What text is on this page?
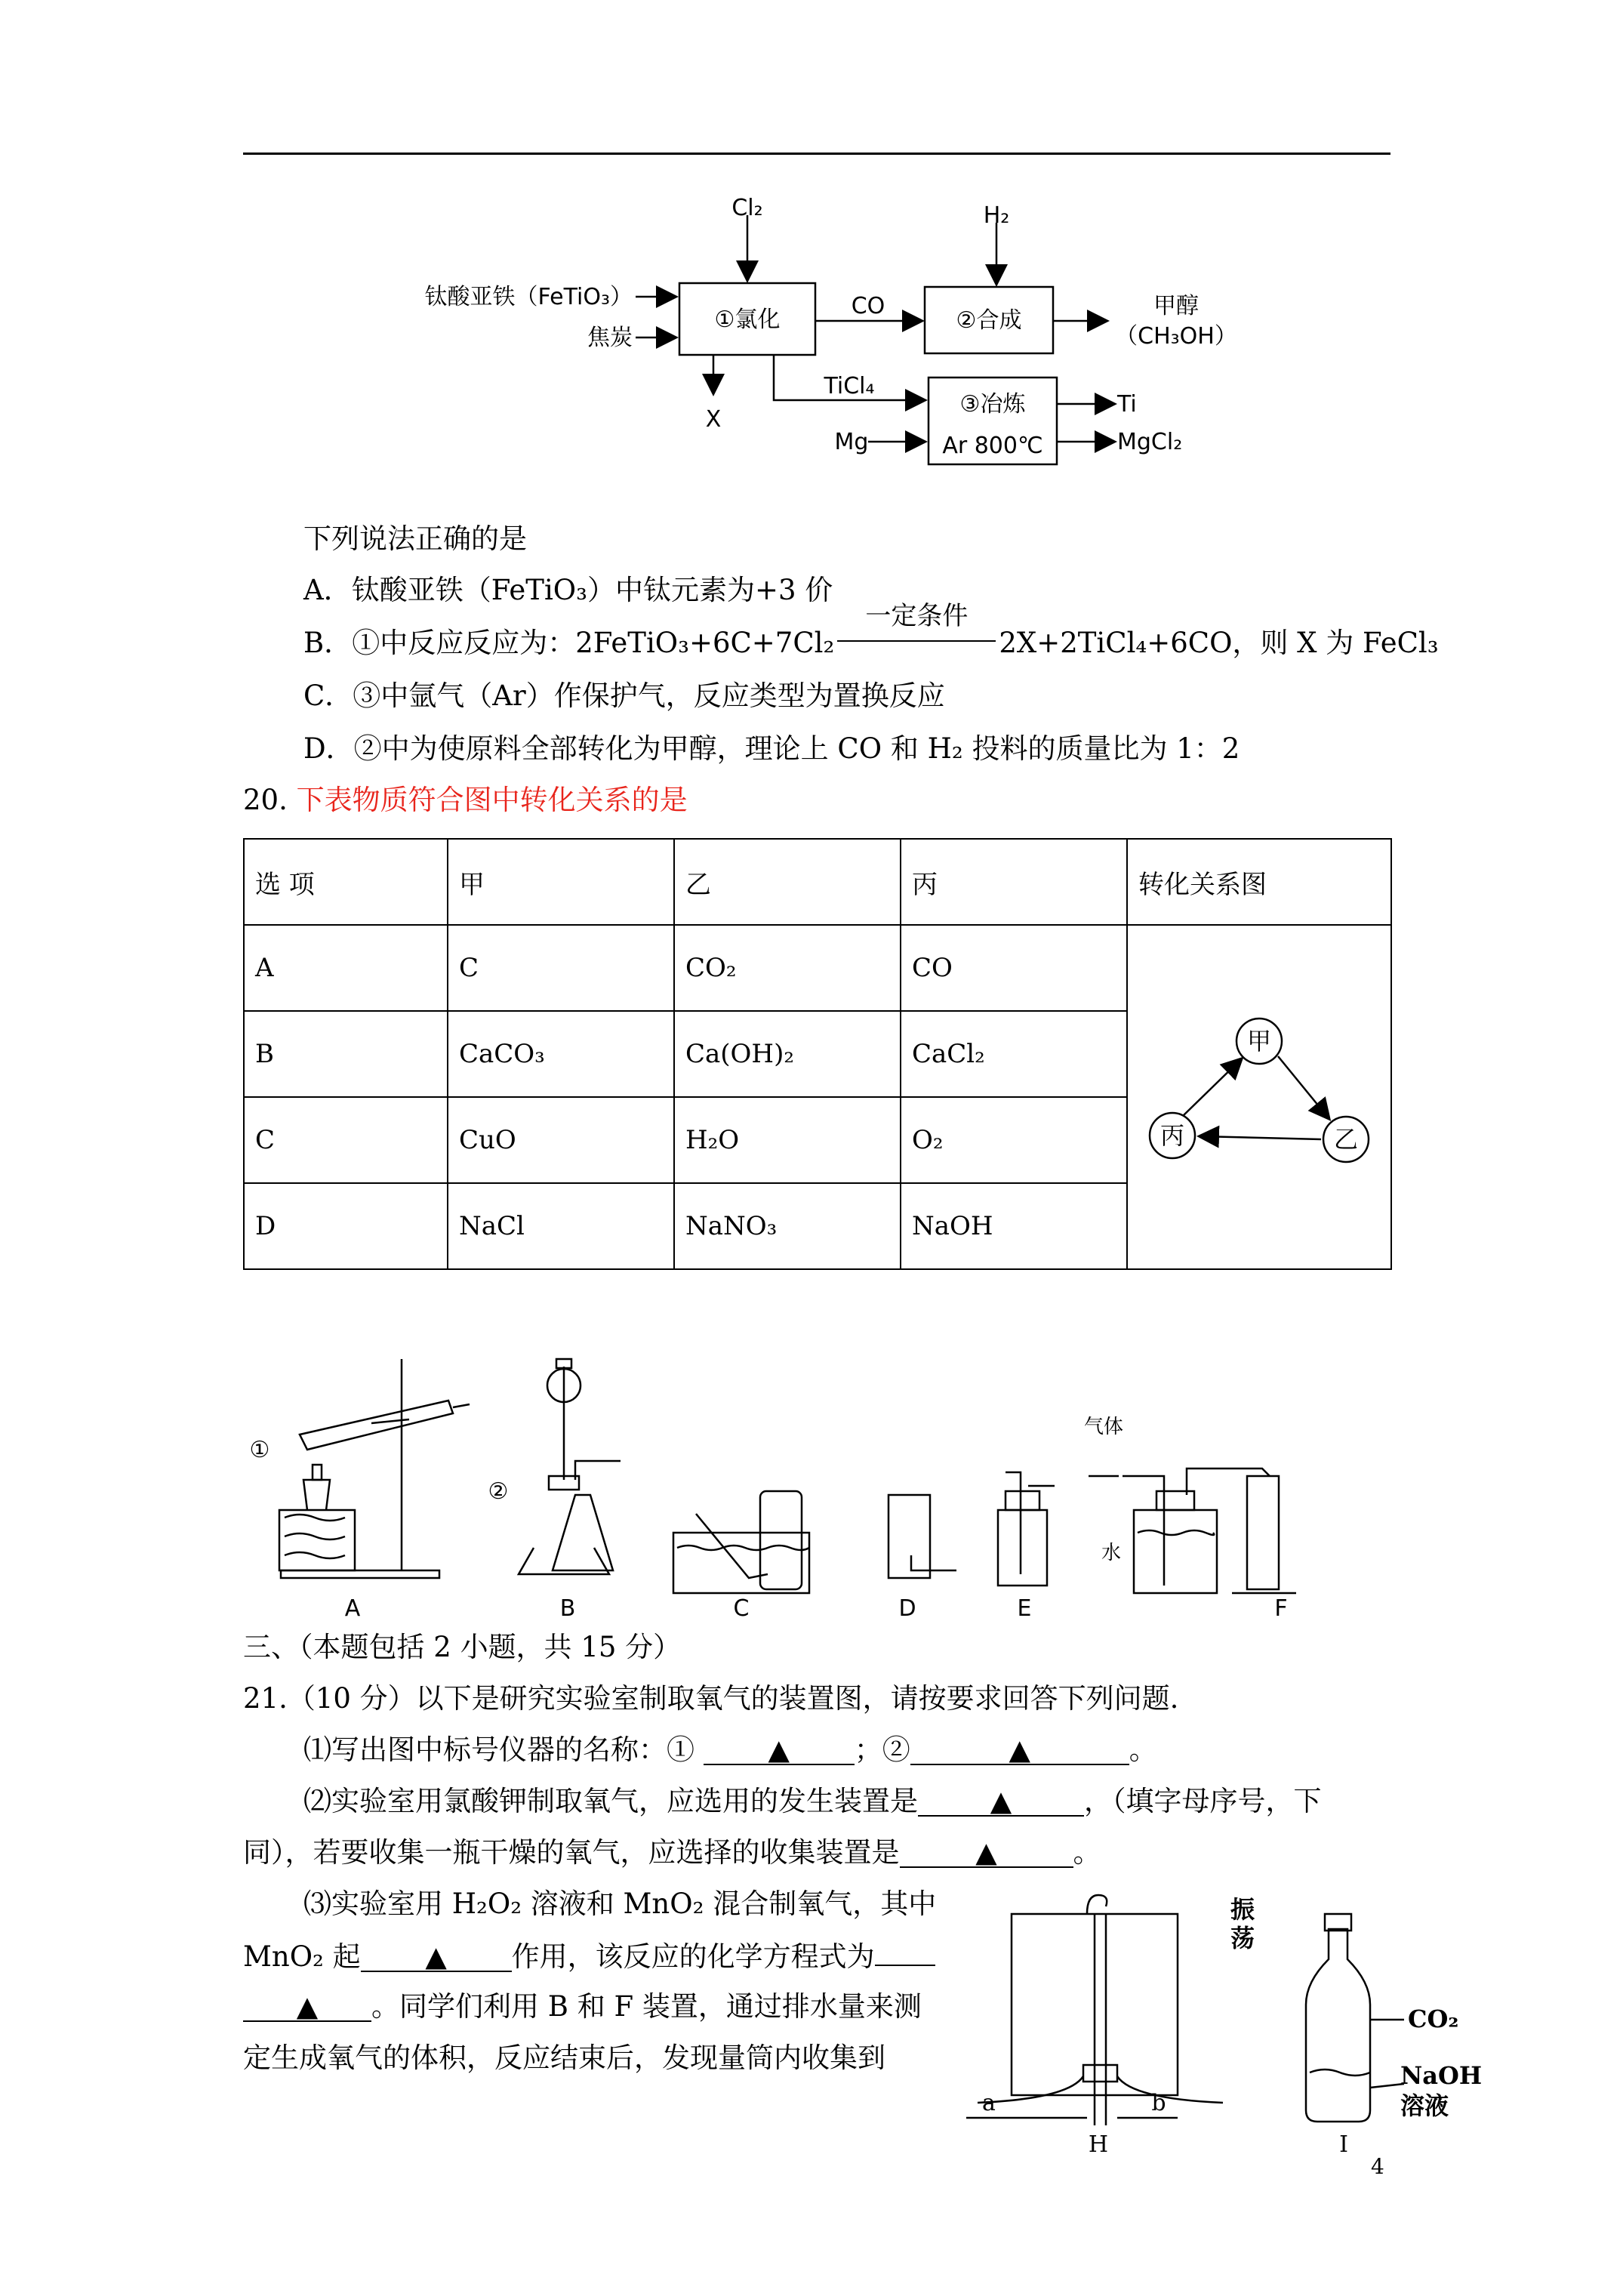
Cl₂	H₂
钛酸亚铁（FeTiO₃）
焦炭
①氯化
CO
②合成
甲醇
（CH₃OH）
X
TiCl₄
Mg
③冶炼
Ar 800℃
Ti
MgCl₂
下列说法正确的是
A．钛酸亚铁（FeTiO₃）中钛元素为+3 价
B．①中反应反应为：2FeTiO₃+6C+7Cl₂
一定条件
2X+2TiCl₄+6CO，则 X 为 FeCl₃
C．③中氩气（Ar）作保护气，反应类型为置换反应
D．②中为使原料全部转化为甲醇，理论上 CO 和 H₂ 投料的质量比为 1：2
20. 下表物质符合图中转化关系的是
选 项	甲	乙	丙	转化关系图
A	C	CO₂	CO	甲
丙 乙

B	CaCO₃	Ca(OH)₂	CaCl₂	
C	CuO	H₂O	O₂	
D	NaCl	NaNO₃	NaOH	
A	B	C	D	E	F
①
②
气体
水
三、（本题包括 2 小题，共 15 分）
21.（10 分）以下是研究实验室制取氧气的装置图，请按要求回答下列问题.
⑴写出图中标号仪器的名称：①	▲ ；②	▲	。
⑵实验室用氯酸钾制取氧气，应选用的发生装置是	▲	，（填字母序号，下
同），若要收集一瓶干燥的氧气，应选择的收集装置是	▲	。
⑶实验室用 H₂O₂ 溶液和 MnO₂ 混合制氧气，其中
MnO₂ 起 ▲ 作用，该反应的化学方程式为
▲ 。同学们利用 B 和 F 装置，通过排水量来测
定生成氧气的体积，反应结束后，发现量筒内收集到
a	b
H	I
振荡
CO₂
NaOH
溶液
4
